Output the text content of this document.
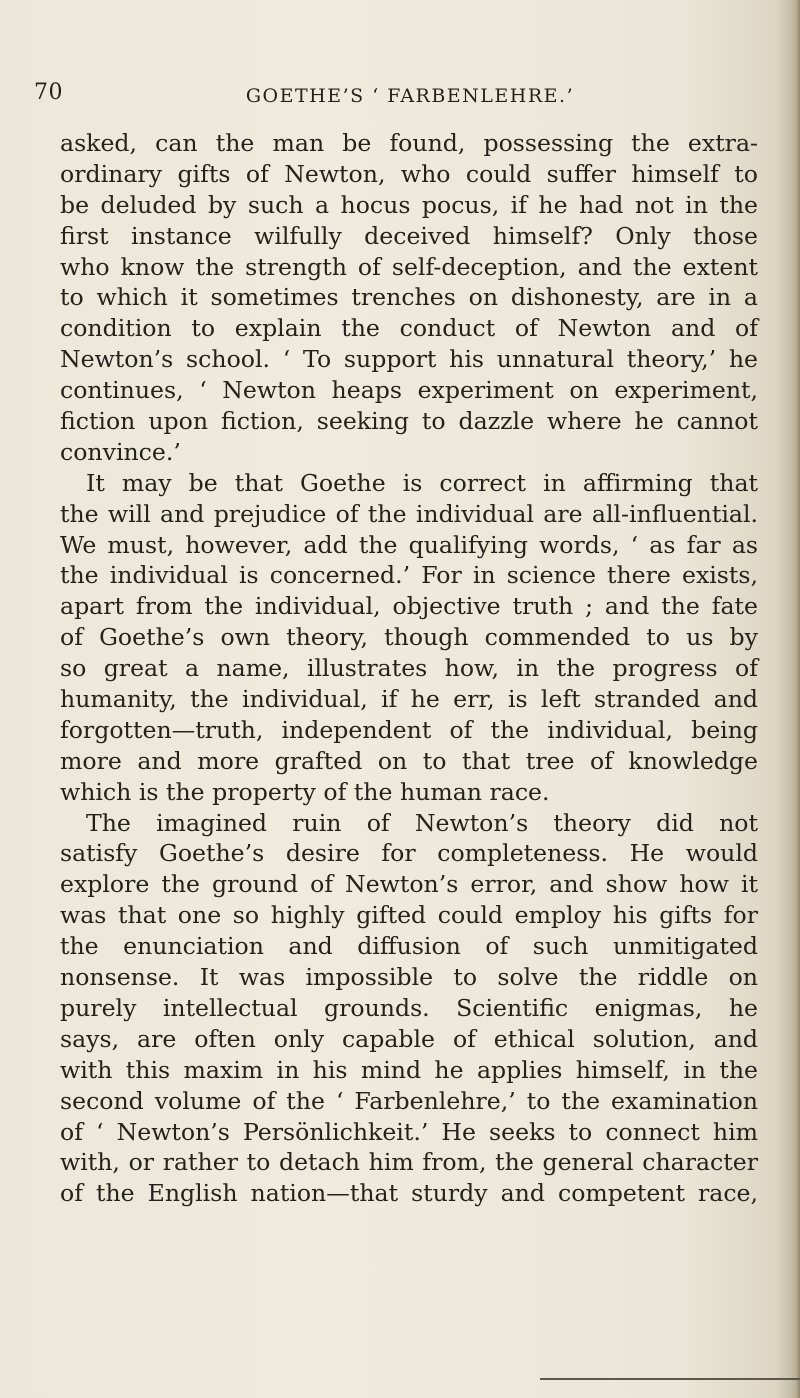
70	GOETHE’S ‘ FARBENLEHRE.’
asked, can the man be found, possessing the extra-
ordinary gifts of Newton, who could suffer himself to
be deluded by such a hocus pocus, if he had not in the
first instance wilfully deceived himself? Only those
who know the strength of self-deception, and the extent
to which it sometimes trenches on dishonesty, are in a
condition to explain the conduct of Newton and of
Newton’s school. ‘ To support his unnatural theory,’ he
continues, ‘ Newton heaps experiment on experiment,
fiction upon fiction, seeking to dazzle where he cannot
convince.’
It may be that Goethe is correct in affirming that
the will and prejudice of the individual are all-influential.
We must, however, add the qualifying words, ‘ as far as
the individual is concerned.’ For in science there exists,
apart from the individual, objective truth ; and the fate
of Goethe’s own theory, though commended to us by
so great a name, illustrates how, in the progress of
humanity, the individual, if he err, is left stranded and
forgotten—truth, independent of the individual, being
more and more grafted on to that tree of knowledge
which is the property of the human race.
The imagined ruin of Newton’s theory did not
satisfy Goethe’s desire for completeness. He would
explore the ground of Newton’s error, and show how it
was that one so highly gifted could employ his gifts for
the enunciation and diffusion of such unmitigated
nonsense. It was impossible to solve the riddle on
purely intellectual grounds. Scientific enigmas, he
says, are often only capable of ethical solution, and
with this maxim in his mind he applies himself, in the
second volume of the ‘ Farbenlehre,’ to the examination
of ‘ Newton’s Persönlichkeit.’ He seeks to connect him
with, or rather to detach him from, the general character
of the English nation—that sturdy and competent race,
